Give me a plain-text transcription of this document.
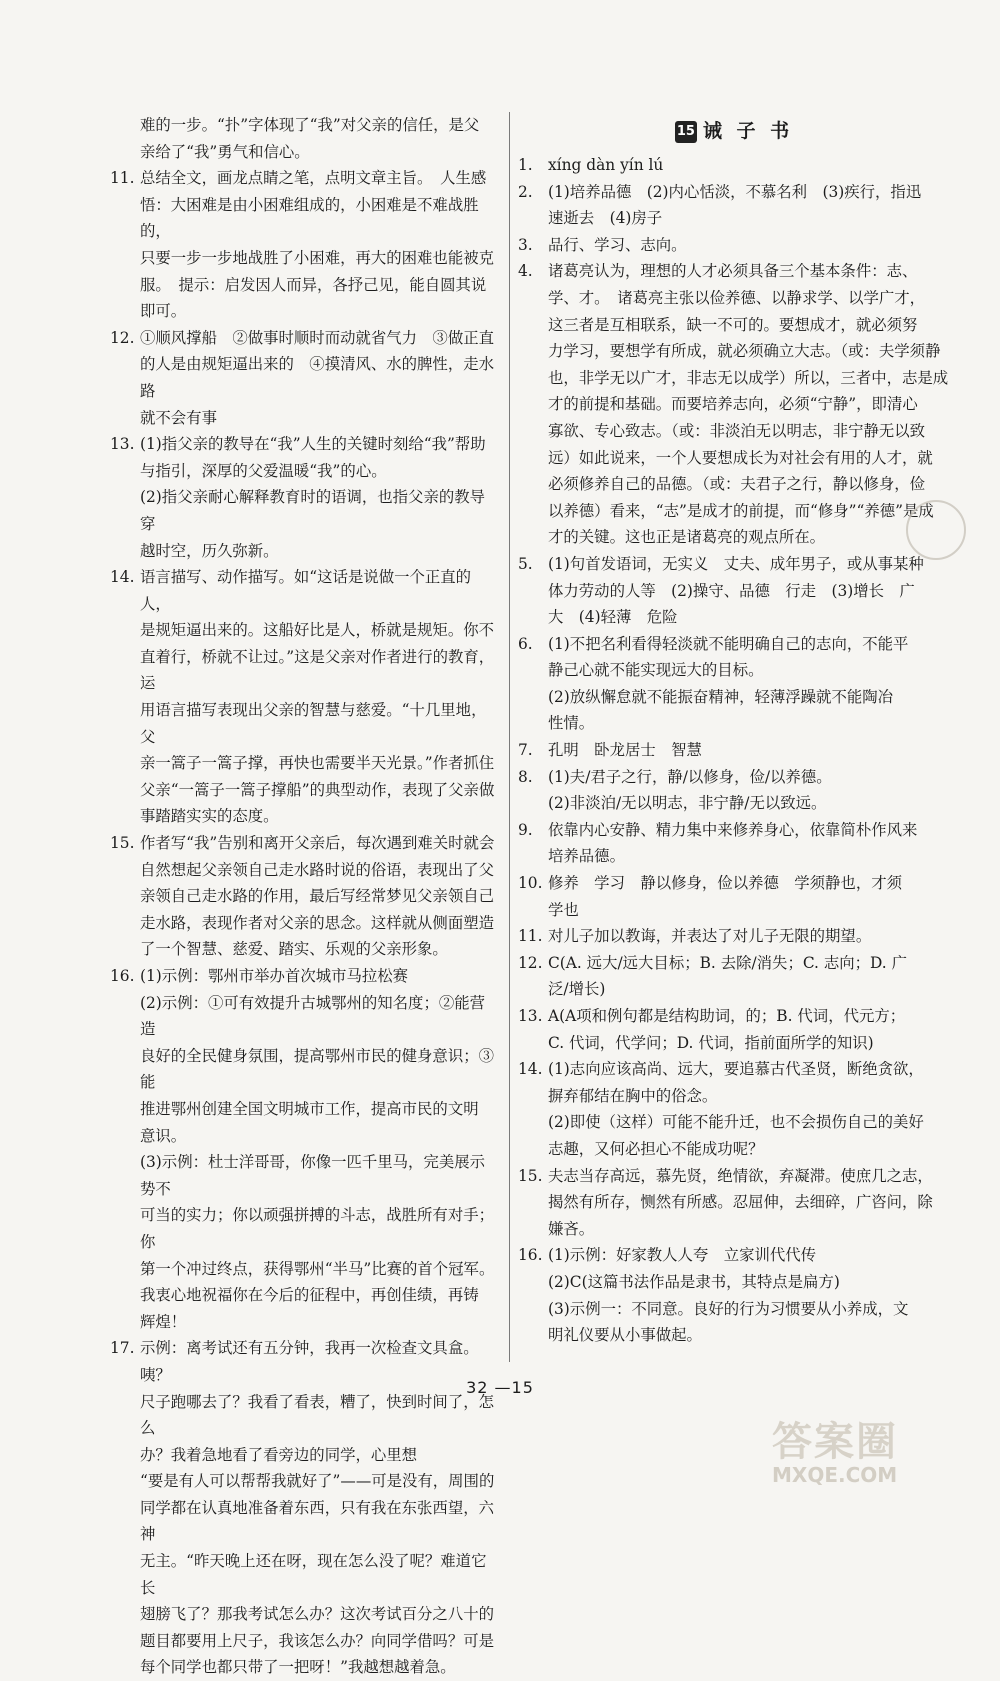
难的一步。“扑”字体现了“我”对父亲的信任，是父
亲给了“我”勇气和信心。
11. 总结全文，画龙点睛之笔，点明文章主旨。　人生感
悟：大困难是由小困难组成的，小困难是不难战胜的，
只要一步一步地战胜了小困难，再大的困难也能被克
服。　提示：启发因人而异，各抒己见，能自圆其说
即可。
12. ①顺风撑船　②做事时顺时而动就省气力　③做正直
的人是由规矩逼出来的　④摸清风、水的脾性，走水路
就不会有事
13. (1)指父亲的教导在“我”人生的关键时刻给“我”帮助
与指引，深厚的父爱温暖“我”的心。
(2)指父亲耐心解释教育时的语调，也指父亲的教导穿
越时空，历久弥新。
14. 语言描写、动作描写。如“这话是说做一个正直的人，
是规矩逼出来的。这船好比是人，桥就是规矩。你不
直着行，桥就不让过。”这是父亲对作者进行的教育，运
用语言描写表现出父亲的智慧与慈爱。“十几里地，父
亲一篙子一篙子撑，再快也需要半天光景。”作者抓住
父亲“一篙子一篙子撑船”的典型动作，表现了父亲做
事踏踏实实的态度。
15. 作者写“我”告别和离开父亲后，每次遇到难关时就会
自然想起父亲领自己走水路时说的俗语，表现出了父
亲领自己走水路的作用，最后写经常梦见父亲领自己
走水路，表现作者对父亲的思念。这样就从侧面塑造
了一个智慧、慈爱、踏实、乐观的父亲形象。
16. (1)示例：鄂州市举办首次城市马拉松赛
(2)示例：①可有效提升古城鄂州的知名度；②能营造
良好的全民健身氛围，提高鄂州市民的健身意识；③能
推进鄂州创建全国文明城市工作，提高市民的文明
意识。
(3)示例：杜士洋哥哥，你像一匹千里马，完美展示势不
可当的实力；你以顽强拼搏的斗志，战胜所有对手；你
第一个冲过终点，获得鄂州“半马”比赛的首个冠军。
我衷心地祝福你在今后的征程中，再创佳绩，再铸
辉煌！
17. 示例：离考试还有五分钟，我再一次检查文具盒。咦？
尺子跑哪去了？我看了看表，糟了，快到时间了，怎么
办？我着急地看了看旁边的同学，心里想
“要是有人可以帮帮我就好了”——可是没有，周围的
同学都在认真地准备着东西，只有我在东张西望，六神
无主。“昨天晚上还在呀，现在怎么没了呢？难道它长
翅膀飞了？那我考试怎么办？这次考试百分之八十的
题目都要用上尺子，我该怎么办？向同学借吗？可是
每个同学也都只带了一把呀！”我越想越着急。
15 诫 子 书
1. xíng dàn yín lú
2. (1)培养品德　(2)内心恬淡，不慕名利　(3)疾行，指迅
速逝去　(4)房子
3. 品行、学习、志向。
4. 诸葛亮认为，理想的人才必须具备三个基本条件：志、
学、才。　诸葛亮主张以俭养德、以静求学、以学广才，
这三者是互相联系，缺一不可的。要想成才，就必须努
力学习，要想学有所成，就必须确立大志。（或：夫学须静
也，非学无以广才，非志无以成学）所以，三者中，志是成
才的前提和基础。而要培养志向，必须“宁静”，即清心
寡欲、专心致志。（或：非淡泊无以明志，非宁静无以致
远）如此说来，一个人要想成长为对社会有用的人才，就
必须修养自己的品德。（或：夫君子之行，静以修身，俭
以养德）看来，“志”是成才的前提，而“修身”“养德”是成
才的关键。这也正是诸葛亮的观点所在。
5. (1)句首发语词，无实义　丈夫、成年男子，或从事某种
体力劳动的人等　(2)操守、品德　行走　(3)增长　广
大　(4)轻薄　危险
6. (1)不把名利看得轻淡就不能明确自己的志向，不能平
静己心就不能实现远大的目标。
(2)放纵懈怠就不能振奋精神，轻薄浮躁就不能陶冶
性情。
7. 孔明　卧龙居士　智慧
8. (1)夫/君子之行，静/以修身，俭/以养德。
(2)非淡泊/无以明志，非宁静/无以致远。
9. 依靠内心安静、精力集中来修养身心，依靠简朴作风来
培养品德。
10. 修养　学习　静以修身，俭以养德　学须静也，才须
学也
11. 对儿子加以教诲，并表达了对儿子无限的期望。
12. C(A. 远大/远大目标；B. 去除/消失；C. 志向；D. 广
泛/增长)
13. A(A项和例句都是结构助词，的；B. 代词，代元方；
C. 代词，代学问；D. 代词，指前面所学的知识)
14. (1)志向应该高尚、远大，要追慕古代圣贤，断绝贪欲，
摒弃郁结在胸中的俗念。
(2)即使（这样）可能不能升迁，也不会损伤自己的美好
志趣，又何必担心不能成功呢？
15. 夫志当存高远，慕先贤，绝情欲，弃凝滞。使庶几之志，
揭然有所存，恻然有所感。忍屈伸，去细碎，广咨问，除
嫌吝。
16. (1)示例：好家教人人夸　立家训代代传
(2)C(这篇书法作品是隶书，其特点是扁方)
(3)示例一：不同意。良好的行为习惯要从小养成，文
明礼仪要从小事做起。
32 —15
答案圈
MXQE.COM
